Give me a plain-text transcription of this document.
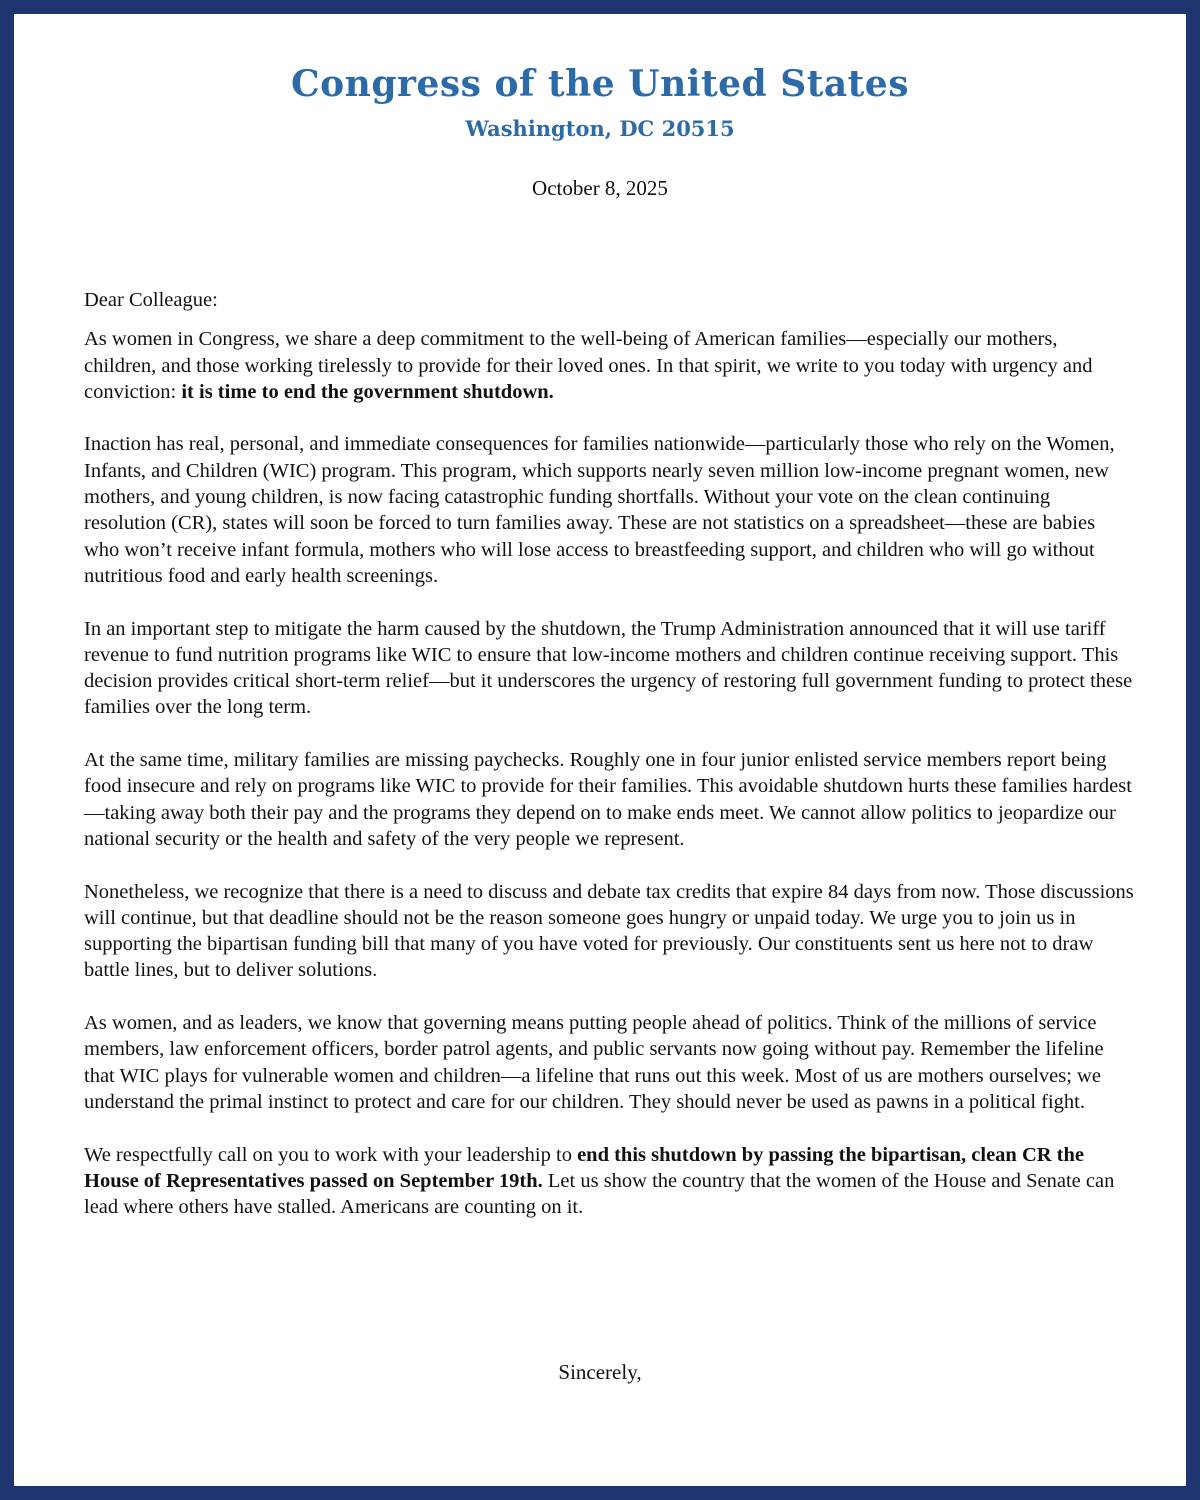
Congress of the United States
Washington, DC 20515
October 8, 2025

Dear Colleague:

As women in Congress, we share a deep commitment to the well-being of American families—especially our mothers, children, and those working tirelessly to provide for their loved ones. In that spirit, we write to you today with urgency and conviction: it is time to end the government shutdown.

Inaction has real, personal, and immediate consequences for families nationwide—particularly those who rely on the Women, Infants, and Children (WIC) program. This program, which supports nearly seven million low-income pregnant women, new mothers, and young children, is now facing catastrophic funding shortfalls. Without your vote on the clean continuing resolution (CR), states will soon be forced to turn families away. These are not statistics on a spreadsheet—these are babies who won’t receive infant formula, mothers who will lose access to breastfeeding support, and children who will go without nutritious food and early health screenings.

In an important step to mitigate the harm caused by the shutdown, the Trump Administration announced that it will use tariff revenue to fund nutrition programs like WIC to ensure that low-income mothers and children continue receiving support. This decision provides critical short-term relief—but it underscores the urgency of restoring full government funding to protect these families over the long term.

At the same time, military families are missing paychecks. Roughly one in four junior enlisted service members report being food insecure and rely on programs like WIC to provide for their families. This avoidable shutdown hurts these families hardest—taking away both their pay and the programs they depend on to make ends meet. We cannot allow politics to jeopardize our national security or the health and safety of the very people we represent.

Nonetheless, we recognize that there is a need to discuss and debate tax credits that expire 84 days from now. Those discussions will continue, but that deadline should not be the reason someone goes hungry or unpaid today. We urge you to join us in supporting the bipartisan funding bill that many of you have voted for previously. Our constituents sent us here not to draw battle lines, but to deliver solutions.

As women, and as leaders, we know that governing means putting people ahead of politics. Think of the millions of service members, law enforcement officers, border patrol agents, and public servants now going without pay. Remember the lifeline that WIC plays for vulnerable women and children—a lifeline that runs out this week. Most of us are mothers ourselves; we understand the primal instinct to protect and care for our children. They should never be used as pawns in a political fight.

We respectfully call on you to work with your leadership to end this shutdown by passing the bipartisan, clean CR the House of Representatives passed on September 19th. Let us show the country that the women of the House and Senate can lead where others have stalled. Americans are counting on it.

Sincerely,
